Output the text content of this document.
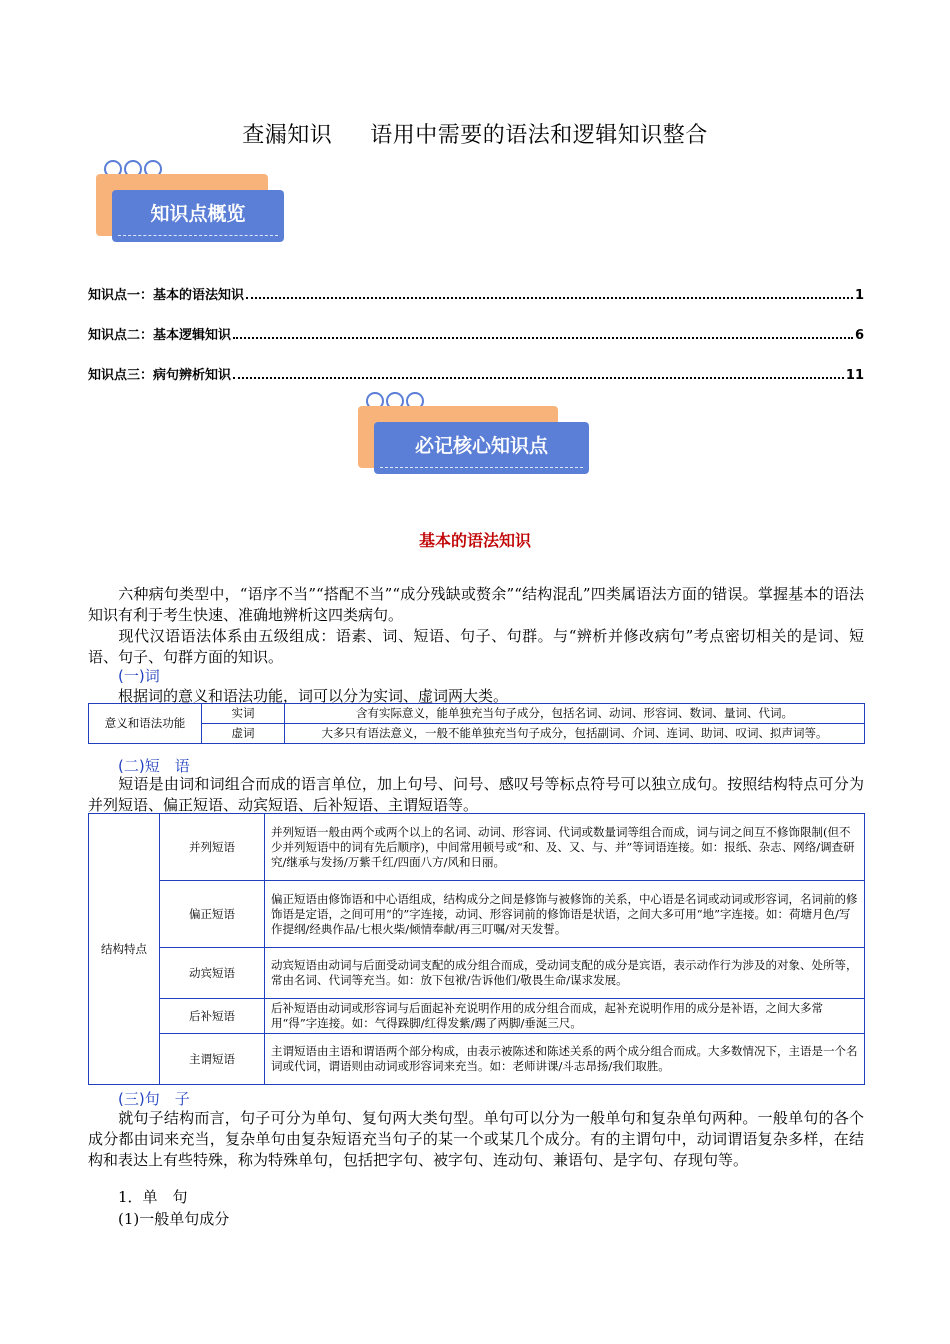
查漏知识 语用中需要的语法和逻辑知识整合
知识点概览
知识点一：基本的语法知识	1
知识点二：基本逻辑知识	6
知识点三：病句辨析知识	11
必记核心知识点
基本的语法知识
六种病句类型中，“语序不当”“搭配不当”“成分残缺或赘余”“结构混乱”四类属语法方面的错误。掌握基本的语法知识有利于考生快速、准确地辨析这四类病句。
现代汉语语法体系由五级组成：语素、词、短语、句子、句群。与“辨析并修改病句”考点密切相关的是词、短语、句子、句群方面的知识。
(一)词
根据词的意义和语法功能，词可以分为实词、虚词两大类。
意义和语法功能	实词	含有实际意义，能单独充当句子成分，包括名词、动词、形容词、数词、量词、代词。
	虚词	大多只有语法意义，一般不能单独充当句子成分，包括副词、介词、连词、助词、叹词、拟声词等。
(二)短　语
短语是由词和词组合而成的语言单位，加上句号、问号、感叹号等标点符号可以独立成句。按照结构特点可分为并列短语、偏正短语、动宾短语、后补短语、主谓短语等。
结构特点	并列短语	并列短语一般由两个或两个以上的名词、动词、形容词、代词或数量词等组合而成，词与词之间互不修饰限制(但不少并列短语中的词有先后顺序)，中间常用顿号或“和、及、又、与、并”等词语连接。如：报纸、杂志、网络/调查研究/继承与发扬/万紫千红/四面八方/风和日丽。
	偏正短语	偏正短语由修饰语和中心语组成，结构成分之间是修饰与被修饰的关系，中心语是名词或动词或形容词，名词前的修饰语是定语，之间可用“的”字连接，动词、形容词前的修饰语是状语，之间大多可用“地”字连接。如：荷塘月色/写作提纲/经典作品/七根火柴/倾情奉献/再三叮嘱/对天发誓。
	动宾短语	动宾短语由动词与后面受动词支配的成分组合而成，受动词支配的成分是宾语，表示动作行为涉及的对象、处所等，常由名词、代词等充当。如：放下包袱/告诉他们/敬畏生命/谋求发展。
	后补短语	后补短语由动词或形容词与后面起补充说明作用的成分组合而成，起补充说明作用的成分是补语，之间大多常用“得”字连接。如：气得跺脚/红得发紫/踢了两脚/垂涎三尺。
	主谓短语	主谓短语由主语和谓语两个部分构成，由表示被陈述和陈述关系的两个成分组合而成。大多数情况下，主语是一个名词或代词，谓语则由动词或形容词来充当。如：老师讲课/斗志昂扬/我们取胜。
(三)句　子
就句子结构而言，句子可分为单句、复句两大类句型。单句可以分为一般单句和复杂单句两种。一般单句的各个成分都由词来充当，复杂单句由复杂短语充当句子的某一个或某几个成分。有的主谓句中，动词谓语复杂多样，在结构和表达上有些特殊，称为特殊单句，包括把字句、被字句、连动句、兼语句、是字句、存现句等。
1．单　句
(1)一般单句成分
